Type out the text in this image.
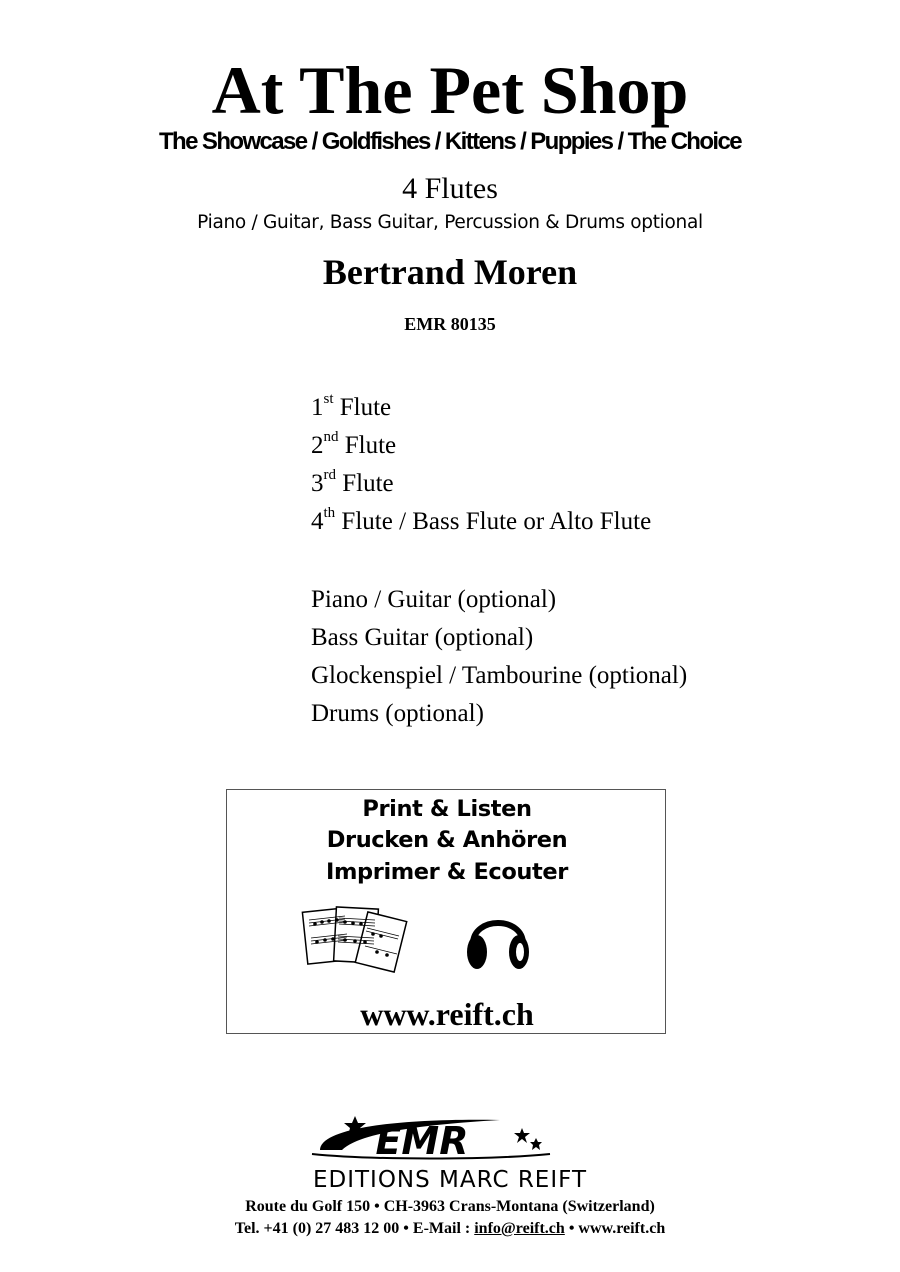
At The Pet Shop
The Showcase / Goldfishes / Kittens / Puppies / The Choice
4 Flutes
Piano / Guitar, Bass Guitar, Percussion & Drums optional
Bertrand Moren
EMR 80135
1st Flute
2nd Flute
3rd Flute
4th Flute / Bass Flute or Alto Flute
Piano / Guitar (optional)
Bass Guitar (optional)
Glockenspiel / Tambourine (optional)
Drums (optional)
Print & Listen
Drucken & Anhören
Imprimer & Ecouter
www.reift.ch
EMR
EDITIONS MARC REIFT
Route du Golf 150 • CH-3963 Crans-Montana (Switzerland)
Tel. +41 (0) 27 483 12 00 • E-Mail : info@reift.ch • www.reift.ch
